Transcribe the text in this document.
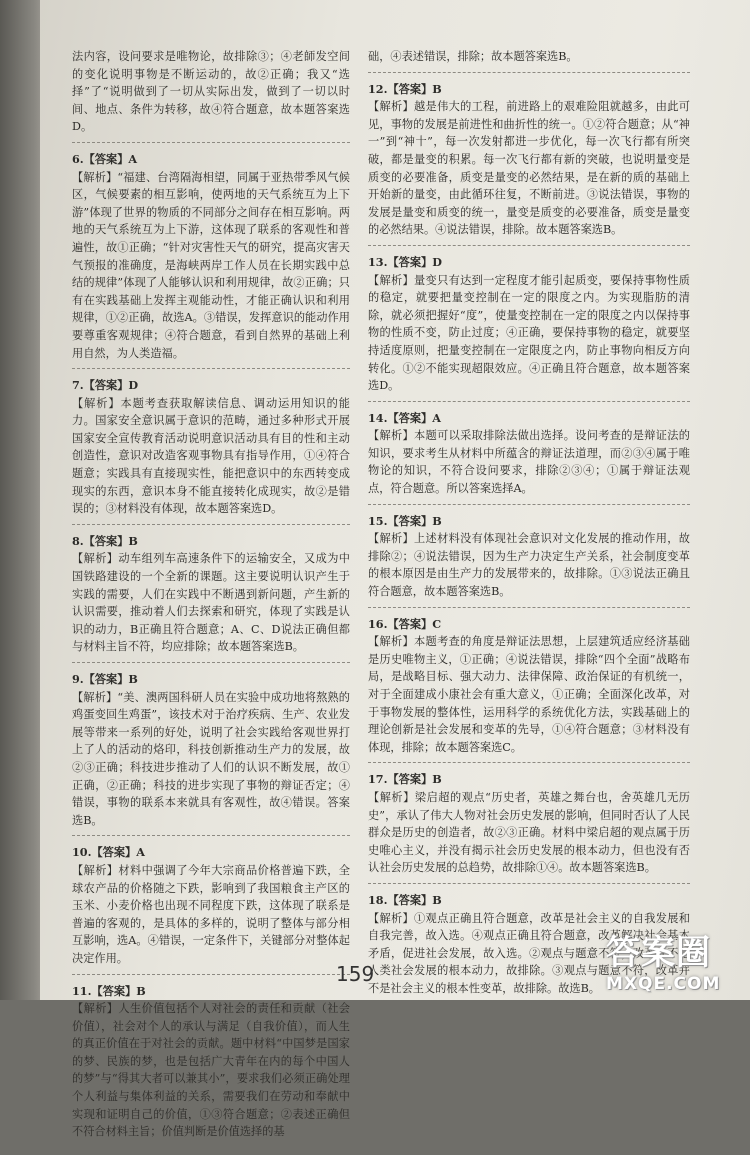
法内容，设问要求是唯物论，故排除③；④老師发空间的变化说明事物是不断运动的，故②正确；我又“选择”了“说明做到了一切从实际出发，做到了一切以时间、地点、条件为转移，故④符合题意，故本题答案选D。
6.【答案】A
【解析】“福建、台湾隔海相望，同属于亚热带季风气候区，气候要素的相互影响，使两地的天气系统互为上下游”体现了世界的物质的不同部分之间存在相互影响。两地的天气系统互为上下游，这体现了联系的客观性和普遍性，故①正确；“针对灾害性天气的研究，提高灾害天气预报的准确度，是海峡两岸工作人员在长期实践中总结的规律”体现了人能够认识和利用规律，故②正确；只有在实践基础上发挥主观能动性，才能正确认识和利用规律，①②正确，故选A。③错误，发挥意识的能动作用要尊重客观规律；④符合题意，看到自然界的基础上利用自然，为人类造福。
7.【答案】D
【解析】本题考查获取解读信息、调动运用知识的能力。国家安全意识属于意识的范畴，通过多种形式开展国家安全宣传教育活动说明意识活动具有目的性和主动创造性，意识对改造客观事物具有指导作用，①④符合题意；实践具有直接现实性，能把意识中的东西转变成现实的东西，意识本身不能直接转化成现实，故②是错误的；③材料没有体现，故本题答案选D。
8.【答案】B
【解析】动车组列车高速条件下的运输安全，又成为中国铁路建设的一个全新的课题。这主要说明认识产生于实践的需要，人们在实践中不断遇到新问题，产生新的认识需要，推动着人们去探索和研究，体现了实践是认识的动力，B正确且符合题意；A、C、D说法正确但都与材料主旨不符，均应排除；故本题答案选B。
9.【答案】B
【解析】“美、澳两国科研人员在实验中成功地将熬熟的鸡蛋变回生鸡蛋”，该技术对于治疗疾病、生产、农业发展等带来一系列的好处，说明了社会实践给客观世界打上了人的活动的烙印，科技创新推动生产力的发展，故②③正确；科技进步推动了人们的认识不断发展，故①正确，②正确；科技的进步实现了事物的辩证否定；④错误，事物的联系本来就具有客观性，故④错误。答案选B。
10.【答案】A
【解析】材料中强调了今年大宗商品价格普遍下跌，全球农产品的价格随之下跌，影响到了我国粮食主产区的玉米、小麦价格也出现不同程度下跌，这体现了联系是普遍的客观的，是具体的多样的，说明了整体与部分相互影响，选A。④错误，一定条件下，关键部分对整体起决定作用。
11.【答案】B
【解析】人生价值包括个人对社会的责任和贡献（社会价值），社会对个人的承认与满足（自我价值），而人生的真正价值在于对社会的贡献。题中材料“中国梦是国家的梦、民族的梦，也是包括广大青年在内的每个中国人的梦”与“得其大者可以兼其小”，要求我们必须正确处理个人利益与集体利益的关系，需要我们在劳动和奉献中实现和证明自己的价值，①③符合题意；②表述正确但不符合材料主旨；价值判断是价值选择的基
础，④表述错误，排除；故本题答案选B。
12.【答案】B
【解析】越是伟大的工程，前进路上的艰难险阻就越多，由此可见，事物的发展是前进性和曲折性的统一。①②符合题意；从“神一”到“神十”，每一次发射都进一步优化，每一次飞行都有所突破，都是量变的积累。每一次飞行都有新的突破，也说明量变是质变的必要准备，质变是量变的必然结果，是在新的质的基础上开始新的量变，由此循环往复，不断前进。③说法错误，事物的发展是量变和质变的统一，量变是质变的必要准备，质变是量变的必然结果。④说法错误，排除。故本题答案选B。
13.【答案】D
【解析】量变只有达到一定程度才能引起质变，要保持事物性质的稳定，就要把量变控制在一定的限度之内。为实现脂肪的清除，就必须把握好“度”，使量变控制在一定的限度之内以保持事物的性质不变，防止过度；④正确，要保持事物的稳定，就要坚持适度原则，把量变控制在一定限度之内，防止事物向相反方向转化。①②不能实现超限效应。④正确且符合题意，故本题答案选D。
14.【答案】A
【解析】本题可以采取排除法做出选择。设问考查的是辩证法的知识，要求考生从材料中所蕴含的辩证法道理，而②③④属于唯物论的知识，不符合设问要求，排除②③④；①属于辩证法观点，符合题意。所以答案选择A。
15.【答案】B
【解析】上述材料没有体现社会意识对文化发展的推动作用，故排除②；④说法错误，因为生产力决定生产关系，社会制度变革的根本原因是由生产力的发展带来的，故排除。①③说法正确且符合题意，故本题答案选B。
16.【答案】C
【解析】本题考查的角度是辩证法思想，上层建筑适应经济基础是历史唯物主义，①正确；④说法错误，排除“四个全面”战略布局，是战略目标、强大动力、法律保障、政治保证的有机统一，对于全面建成小康社会有重大意义，①正确；全面深化改革，对于事物发展的整体性，运用科学的系统优化方法，实践基础上的理论创新是社会发展和变革的先导，①④符合题意；③材料没有体现，排除；故本题答案选C。
17.【答案】B
【解析】梁启超的观点“历史者，英雄之舞台也，舍英雄几无历史”，承认了伟大人物对社会历史发展的影响，但同时否认了人民群众是历史的创造者，故②③正确。材料中梁启超的观点属于历史唯心主义，并没有揭示社会历史发展的根本动力，但也没有否认社会历史发展的总趋势，故排除①④。故本题答案选B。
18.【答案】B
【解析】①观点正确且符合题意，改革是社会主义的自我发展和自我完善，故入选。④观点正确且符合题意，改革解决社会基本矛盾，促进社会发展，故入选。②观点与题意不符，改革并不是人类社会发展的根本动力，故排除。③观点与题意不符，改革并不是社会主义的根本性变革，故排除。故选B。
159
答案圈
MXQE.COM
